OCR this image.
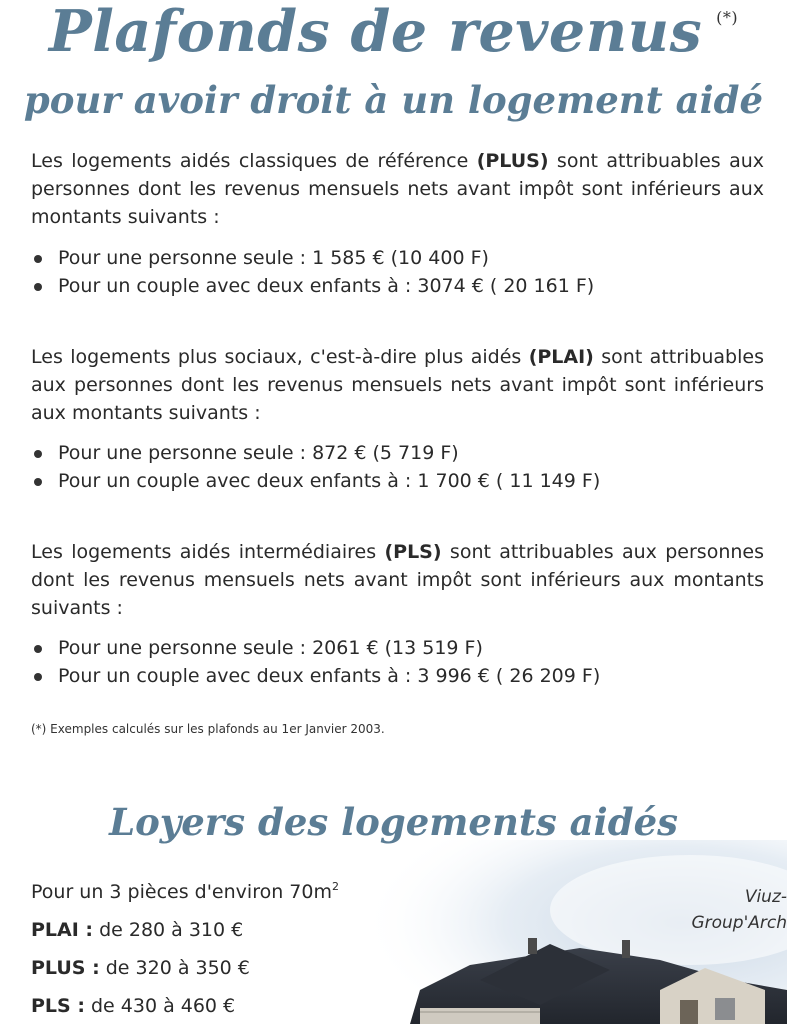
Plafonds de revenus (*)
pour avoir droit à un logement aidé

Les logements aidés classiques de référence (PLUS) sont attribuables aux personnes dont les revenus mensuels nets avant impôt sont inférieurs aux montants suivants :

Pour une personne seule : 1 585 € (10 400 F)
Pour un couple avec deux enfants à : 3074 € ( 20 161 F)

Les logements plus sociaux, c'est-à-dire plus aidés (PLAI) sont attribuables aux personnes dont les revenus mensuels nets avant impôt sont inférieurs aux montants suivants :

Pour une personne seule : 872 € (5 719 F)
Pour un couple avec deux enfants à : 1 700 € ( 11 149 F)

Les logements aidés intermédiaires (PLS) sont attribuables aux personnes dont les revenus mensuels nets avant impôt sont inférieurs aux montants suivants :

Pour une personne seule : 2061 € (13 519 F)
Pour un couple avec deux enfants à : 3 996 € ( 26 209 F)

(*) Exemples calculés sur les plafonds au 1er Janvier 2003.

Viuz-
Group'Arch
Loyers des logements aidés
Pour un 3 pièces d'environ $70m^2$
PLAI : de 280 à 310 €
PLUS : de 320 à 350 €
PLS : de 430 à 460 €
